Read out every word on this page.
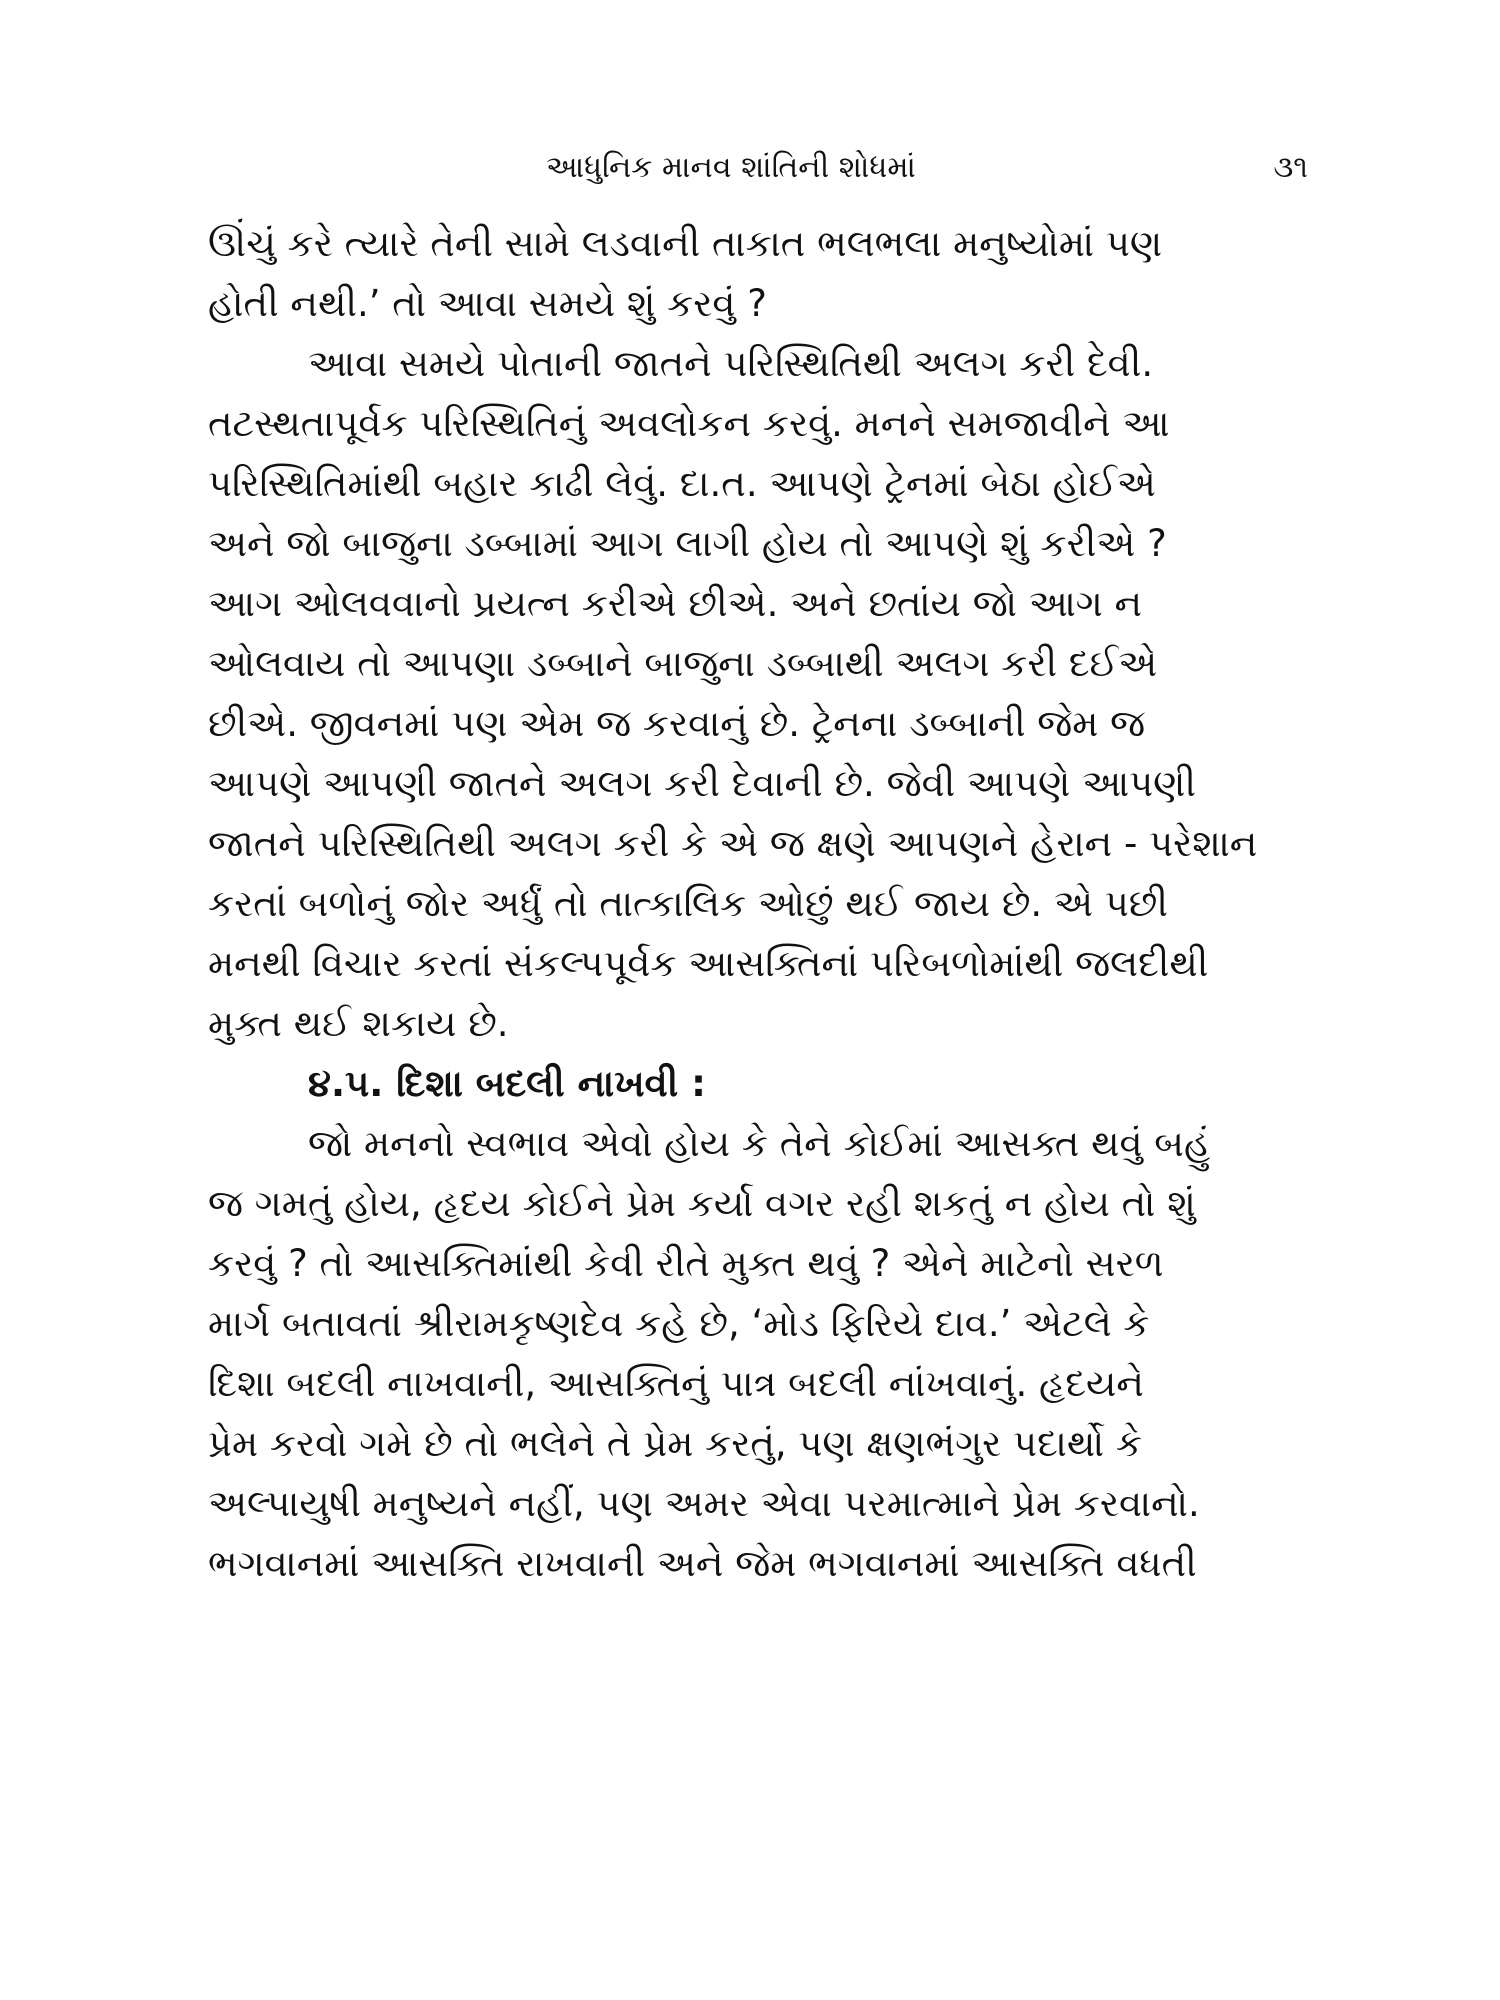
આધુનિક માનવ શાંતિની શોધમાં	૩૧
ઊંચું કરે ત્યારે તેની સામે લડવાની તાકાત ભલભલા મનુષ્યોમાં પણ
હોતી નથી.’ તો આવા સમયે શું કરવું ?
આવા સમયે પોતાની જાતને પરિસ્થિતિથી અલગ કરી દેવી.
તટસ્થતાપૂર્વક પરિસ્થિતિનું અવલોકન કરવું. મનને સમજાવીને આ
પરિસ્થિતિમાંથી બહાર કાઢી લેવું. દા.ત. આપણે ટ્રેનમાં બેઠા હોઈએ
અને જો બાજુના ડબ્બામાં આગ લાગી હોય તો આપણે શું કરીએ ?
આગ ઓલવવાનો પ્રયત્ન કરીએ છીએ. અને છતાંય જો આગ ન
ઓલવાય તો આપણા ડબ્બાને બાજુના ડબ્બાથી અલગ કરી દઈએ
છીએ. જીવનમાં પણ એમ જ કરવાનું છે. ટ્રેનના ડબ્બાની જેમ જ
આપણે આપણી જાતને અલગ કરી દેવાની છે. જેવી આપણે આપણી
જાતને પરિસ્થિતિથી અલગ કરી કે એ જ ક્ષણે આપણને હેરાન - પરેશાન
કરતાં બળોનું જોર અર્ધું તો તાત્કાલિક ઓછું થઈ જાય છે. એ પછી
મનથી વિચાર કરતાં સંકલ્પપૂર્વક આસક્તિનાં પરિબળોમાંથી જલદીથી
મુક્ત થઈ શકાય છે.
૪.૫. દિશા બદલી નાખવી :
જો મનનો સ્વભાવ એવો હોય કે તેને કોઈમાં આસક્ત થવું બહું
જ ગમતું હોય, હૃદય કોઈને પ્રેમ કર્યા વગર રહી શકતું ન હોય તો શું
કરવું ? તો આસક્તિમાંથી કેવી રીતે મુક્ત થવું ? એને માટેનો સરળ
માર્ગ બતાવતાં શ્રીરામકૃષ્ણદેવ કહે છે, ‘મોડ ફિરિયે દાવ.’ એટલે કે
દિશા બદલી નાખવાની, આસક્તિનું પાત્ર બદલી નાંખવાનું. હૃદયને
પ્રેમ કરવો ગમે છે તો ભલેને તે પ્રેમ કરતું, પણ ક્ષણભંગુર પદાર્થો કે
અલ્પાયુષી મનુષ્યને નહીં, પણ અમર એવા પરમાત્માને પ્રેમ કરવાનો.
ભગવાનમાં આસક્તિ રાખવાની અને જેમ ભગવાનમાં આસક્તિ વધતી
